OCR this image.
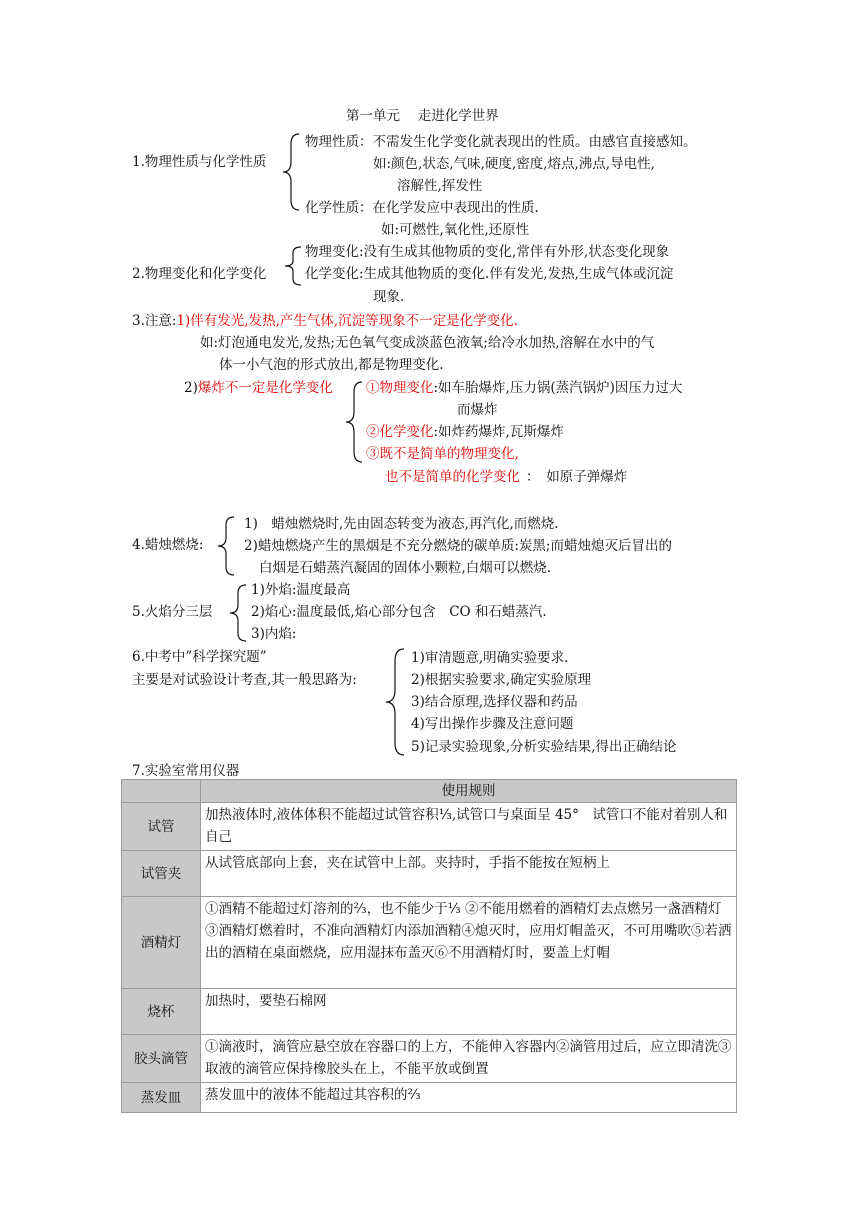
第一单元　 走进化学世界
1.物理性质与化学性质
物理性质：不需发生化学变化就表现出的性质。由感官直接感知。
如:颜色,状态,气味,硬度,密度,熔点,沸点,导电性,
溶解性,挥发性
化学性质：在化学发应中表现出的性质.
如:可燃性,氧化性,还原性
2.物理变化和化学变化
物理变化:没有生成其他物质的变化,常伴有外形,状态变化现象
化学变化:生成其他物质的变化.伴有发光,发热,生成气体或沉淀
现象.
3.注意:1)伴有发光,发热,产生气体,沉淀等现象不一定是化学变化.
如:灯泡通电发光,发热;无色氧气变成淡蓝色液氧;给冷水加热,溶解在水中的气
体一小气泡的形式放出,都是物理变化.
2)爆炸不一定是化学变化 ①物理变化:如车胎爆炸,压力锅(蒸汽锅炉)因压力过大
而爆炸
②化学变化:如炸药爆炸,瓦斯爆炸
③既不是简单的物理变化,
也不是简单的化学变化 ：　如原子弹爆炸
4.蜡烛燃烧:
1)　蜡烛燃烧时,先由固态转变为液态,再汽化,而燃烧.
2)蜡烛燃烧产生的黑烟是不充分燃烧的碳单质:炭黑;而蜡烛熄灭后冒出的
白烟是石蜡蒸汽凝固的固体小颗粒,白烟可以燃烧.
5.火焰分三层
1)外焰:温度最高
2)焰心:温度最低,焰心部分包含　CO 和石蜡蒸汽.
3)内焰:
6.中考中”科学探究题”
主要是对试验设计考查,其一般思路为:
1)审清题意,明确实验要求.
2)根据实验要求,确定实验原理
3)结合原理,选择仪器和药品
4)写出操作步骤及注意问题
5)记录实验现象,分析实验结果,得出正确结论
7.实验室常用仪器
	使用规则
试管	加热液体时,液体体积不能超过试管容积⅓,试管口与桌面呈 45°　试管口不能对着别人和自己
试管夹	从试管底部向上套，夹在试管中上部。夹持时，手指不能按在短柄上
酒精灯	①酒精不能超过灯溶剂的⅔，也不能少于⅓ ②不能用燃着的酒精灯去点燃另一盏酒精灯③酒精灯燃着时，不准向酒精灯内添加酒精④熄灭时，应用灯帽盖灭，不可用嘴吹⑤若洒出的酒精在桌面燃烧，应用湿抹布盖灭⑥不用酒精灯时，要盖上灯帽
烧杯	加热时，要垫石棉网
胶头滴管	①滴液时，滴管应悬空放在容器口的上方，不能伸入容器内②滴管用过后，应立即清洗③取液的滴管应保持橡胶头在上，不能平放或倒置
蒸发皿	蒸发皿中的液体不能超过其容积的⅔
